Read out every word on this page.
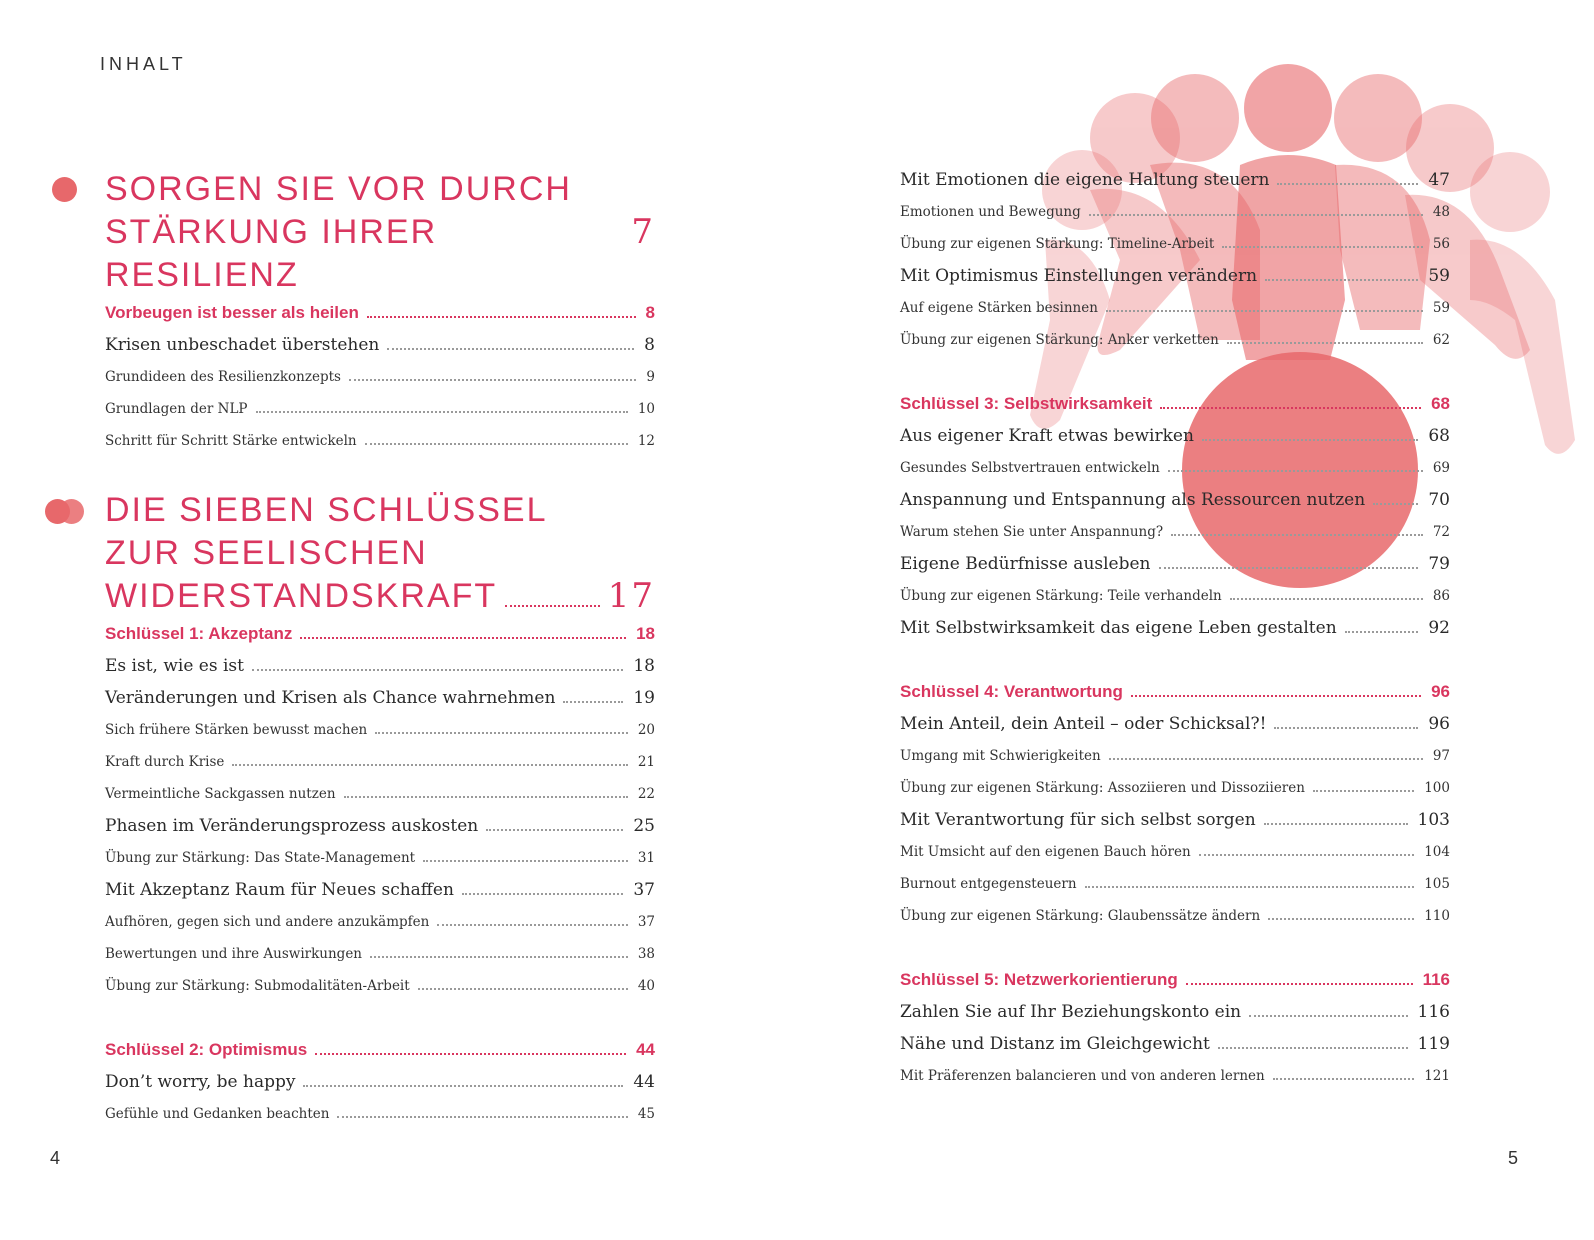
INHALT
SORGEN SIE VOR DURCH
STÄRKUNG IHRER RESILIENZ
7
Vorbeugen ist besser als heilen	8
Krisen unbeschadet überstehen	8
Grundideen des Resilienzkonzepts	9
Grundlagen der NLP	10
Schritt für Schritt Stärke entwickeln	12
DIE SIEBEN SCHLÜSSEL
ZUR SEELISCHEN
WIDERSTANDSKRAFT	17
Schlüssel 1: Akzeptanz	18
Es ist, wie es ist	18
Veränderungen und Krisen als Chance wahrnehmen	19
Sich frühere Stärken bewusst machen	20
Kraft durch Krise	21
Vermeintliche Sackgassen nutzen	22
Phasen im Veränderungsprozess auskosten	25
Übung zur Stärkung: Das State-Management	31
Mit Akzeptanz Raum für Neues schaffen	37
Aufhören, gegen sich und andere anzukämpfen	37
Bewertungen und ihre Auswirkungen	38
Übung zur Stärkung: Submodalitäten-Arbeit	40
Schlüssel 2: Optimismus	44
Don’t worry, be happy	44
Gefühle und Gedanken beachten	45
Mit Emotionen die eigene Haltung steuern	47
Emotionen und Bewegung	48
Übung zur eigenen Stärkung: Timeline-Arbeit	56
Mit Optimismus Einstellungen verändern	59
Auf eigene Stärken besinnen	59
Übung zur eigenen Stärkung: Anker verketten	62
Schlüssel 3: Selbstwirksamkeit	68
Aus eigener Kraft etwas bewirken	68
Gesundes Selbstvertrauen entwickeln	69
Anspannung und Entspannung als Ressourcen nutzen	70
Warum stehen Sie unter Anspannung?	72
Eigene Bedürfnisse ausleben	79
Übung zur eigenen Stärkung: Teile verhandeln	86
Mit Selbstwirksamkeit das eigene Leben gestalten	92
Schlüssel 4: Verantwortung	96
Mein Anteil, dein Anteil – oder Schicksal?!	96
Umgang mit Schwierigkeiten	97
Übung zur eigenen Stärkung: Assoziieren und Dissoziieren	100
Mit Verantwortung für sich selbst sorgen	103
Mit Umsicht auf den eigenen Bauch hören	104
Burnout entgegensteuern	105
Übung zur eigenen Stärkung: Glaubenssätze ändern	110
Schlüssel 5: Netzwerkorientierung	116
Zahlen Sie auf Ihr Beziehungskonto ein	116
Nähe und Distanz im Gleichgewicht	119
Mit Präferenzen balancieren und von anderen lernen	121
4	5
